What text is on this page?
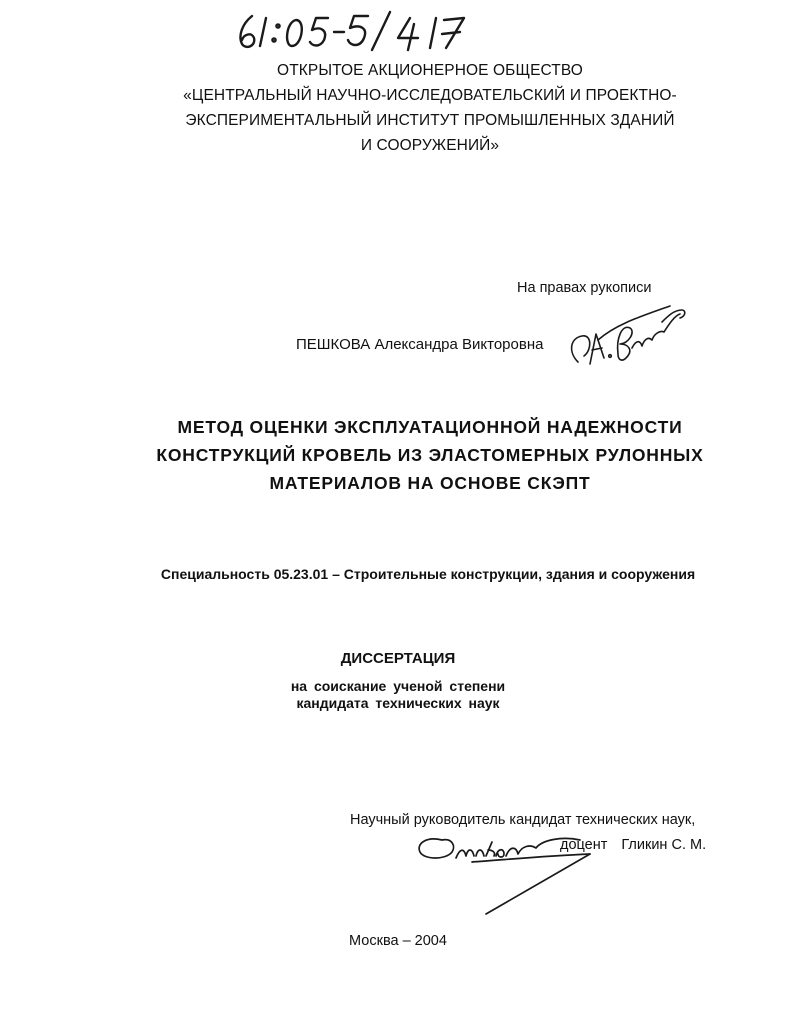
ОТКРЫТОЕ АКЦИОНЕРНОЕ ОБЩЕСТВО
«ЦЕНТРАЛЬНЫЙ НАУЧНО-ИССЛЕДОВАТЕЛЬСКИЙ И ПРОЕКТНО-
ЭКСПЕРИМЕНТАЛЬНЫЙ ИНСТИТУТ ПРОМЫШЛЕННЫХ ЗДАНИЙ
И СООРУЖЕНИЙ»
На правах рукописи
ПЕШКОВА Александра Викторовна
МЕТОД ОЦЕНКИ ЭКСПЛУАТАЦИОННОЙ НАДЕЖНОСТИ
КОНСТРУКЦИЙ КРОВЕЛЬ ИЗ ЭЛАСТОМЕРНЫХ РУЛОННЫХ
МАТЕРИАЛОВ НА ОСНОВЕ СКЭПТ
Специальность 05.23.01 – Строительные конструкции, здания и сооружения
ДИССЕРТАЦИЯ
на соискание ученой степени
кандидата технических наук
Научный руководитель кандидат технических наук,
доцент Гликин С. М.
Москва – 2004
